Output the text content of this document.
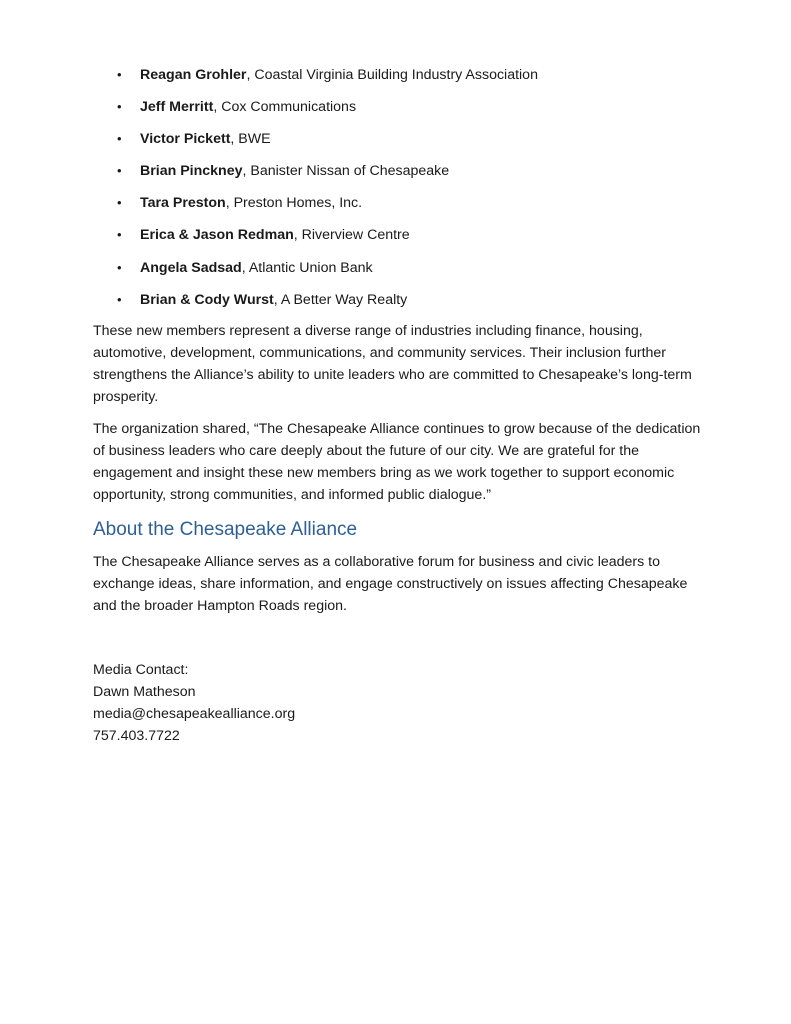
• Reagan Grohler, Coastal Virginia Building Industry Association
• Jeff Merritt, Cox Communications
• Victor Pickett, BWE
• Brian Pinckney, Banister Nissan of Chesapeake
• Tara Preston, Preston Homes, Inc.
• Erica & Jason Redman, Riverview Centre
• Angela Sadsad, Atlantic Union Bank
• Brian & Cody Wurst, A Better Way Realty

These new members represent a diverse range of industries including finance, housing, automotive, development, communications, and community services. Their inclusion further strengthens the Alliance’s ability to unite leaders who are committed to Chesapeake’s long-term prosperity.

The organization shared, “The Chesapeake Alliance continues to grow because of the dedication of business leaders who care deeply about the future of our city. We are grateful for the engagement and insight these new members bring as we work together to support economic opportunity, strong communities, and informed public dialogue.”

About the Chesapeake Alliance

The Chesapeake Alliance serves as a collaborative forum for business and civic leaders to exchange ideas, share information, and engage constructively on issues affecting Chesapeake and the broader Hampton Roads region.

Media Contact:
Dawn Matheson
media@chesapeakealliance.org
757.403.7722
